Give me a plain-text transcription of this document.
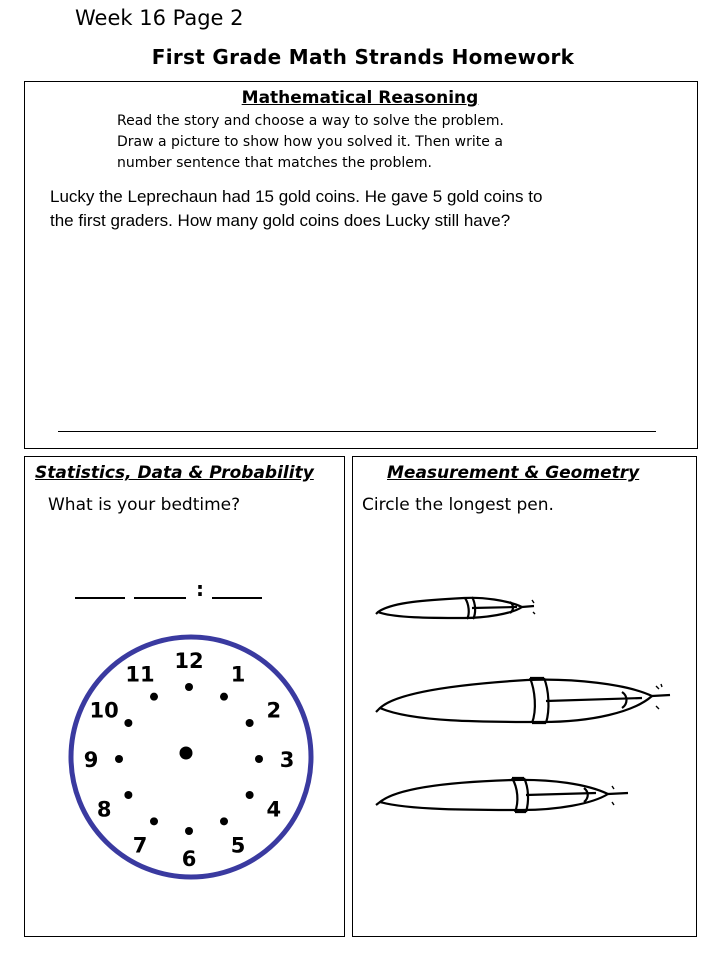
Week 16 Page 2
First Grade Math Strands Homework
Mathematical Reasoning
Read the story and choose a way to solve the problem.
Draw a picture to show how you solved it. Then write a
number sentence that matches the problem.
Lucky the Leprechaun had 15 gold coins. He gave 5 gold coins to
the first graders. How many gold coins does Lucky still have?
Statistics, Data & Probability
What is your bedtime?
:
12
1
2
3
4
5
6
7
8
9
10
11
Measurement & Geometry
Circle the longest pen.
